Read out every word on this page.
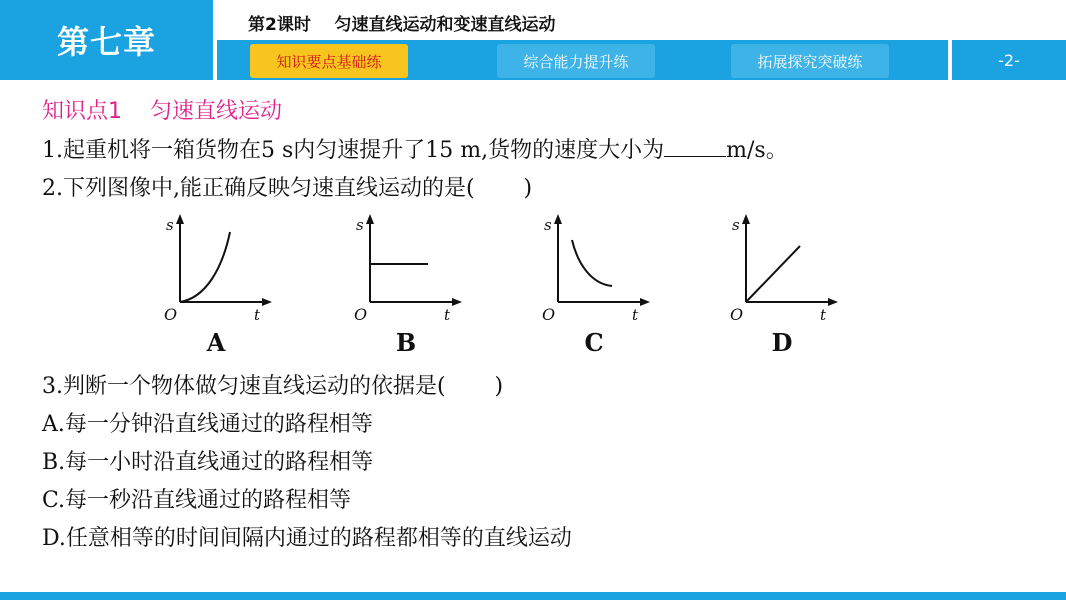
第七章	第2课时    匀速直线运动和变速直线运动
知识要点基础练	综合能力提升练	拓展探究突破练	-2-
知识点1    匀速直线运动
1.起重机将一箱货物在5 s内匀速提升了15 m,货物的速度大小为	m/s。
2.下列图像中,能正确反映匀速直线运动的是(       )
s
O	t
A
s
O	t
B
s
O	t
C
s
O	t
D
3.判断一个物体做匀速直线运动的依据是(       )
A.每一分钟沿直线通过的路程相等
B.每一小时沿直线通过的路程相等
C.每一秒沿直线通过的路程相等
D.任意相等的时间间隔内通过的路程都相等的直线运动
